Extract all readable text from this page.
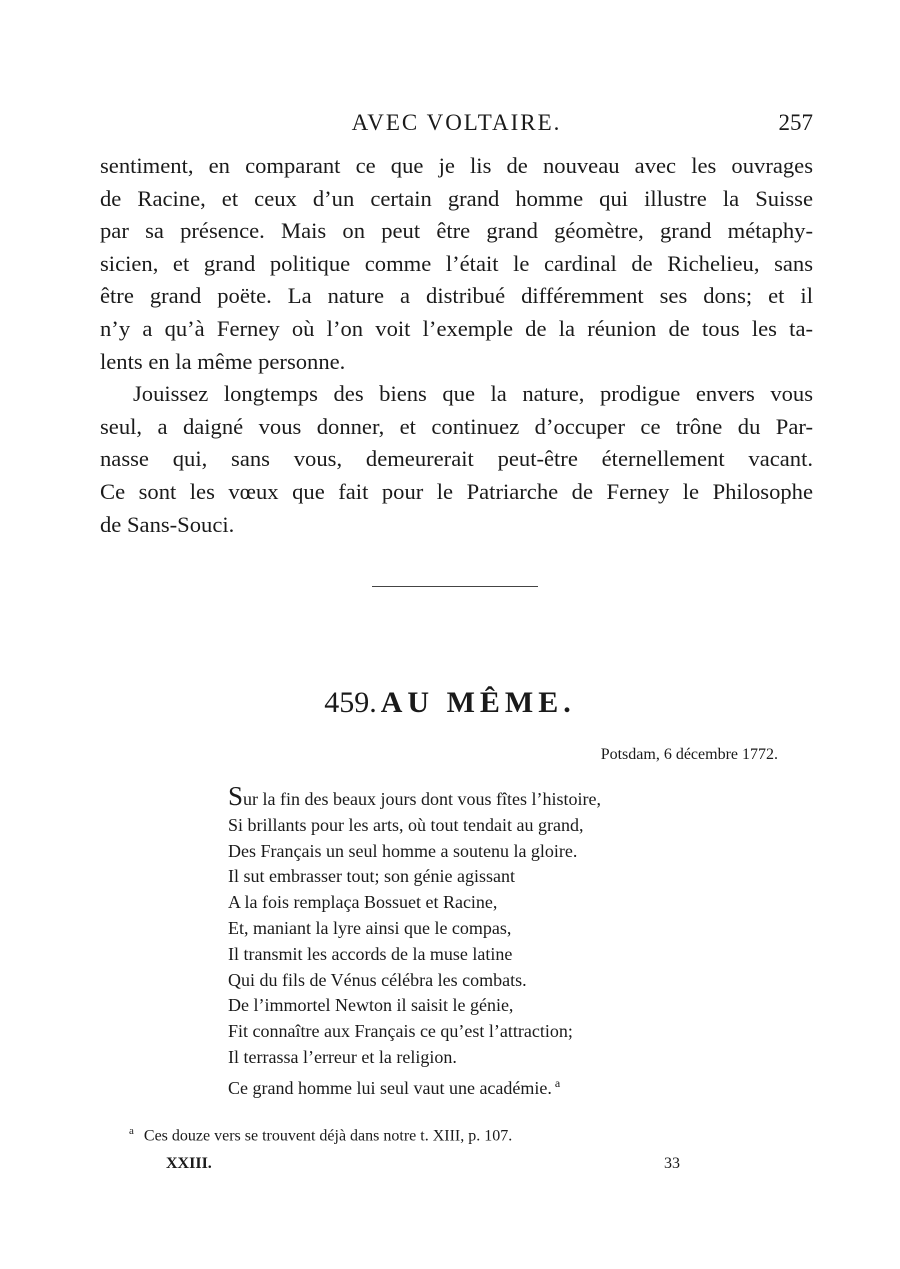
AVEC VOLTAIRE.	257

sentiment, en comparant ce que je lis de nouveau avec les ouvrages
de Racine, et ceux d’un certain grand homme qui illustre la Suisse
par sa présence. Mais on peut être grand géomètre, grand métaphy-
sicien, et grand politique comme l’était le cardinal de Richelieu, sans
être grand poëte. La nature a distribué différemment ses dons; et il
n’y a qu’à Ferney où l’on voit l’exemple de la réunion de tous les ta-
lents en la même personne.

Jouissez longtemps des biens que la nature, prodigue envers vous
seul, a daigné vous donner, et continuez d’occuper ce trône du Par-
nasse qui, sans vous, demeurerait peut-être éternellement vacant.
Ce sont les vœux que fait pour le Patriarche de Ferney le Philosophe
de Sans-Souci.

459. AU MÊME.
Potsdam, 6 décembre 1772.
Sur la fin des beaux jours dont vous fîtes l’histoire,
Si brillants pour les arts, où tout tendait au grand,
Des Français un seul homme a soutenu la gloire.
Il sut embrasser tout; son génie agissant
A la fois remplaça Bossuet et Racine,
Et, maniant la lyre ainsi que le compas,
Il transmit les accords de la muse latine
Qui du fils de Vénus célébra les combats.
De l’immortel Newton il saisit le génie,
Fit connaître aux Français ce qu’est l’attraction;
Il terrassa l’erreur et la religion.
Ce grand homme lui seul vaut une académie. $^a$
$^a$ Ces douze vers se trouvent déjà dans notre t. XIII, p. 107.
XXIII.	33
